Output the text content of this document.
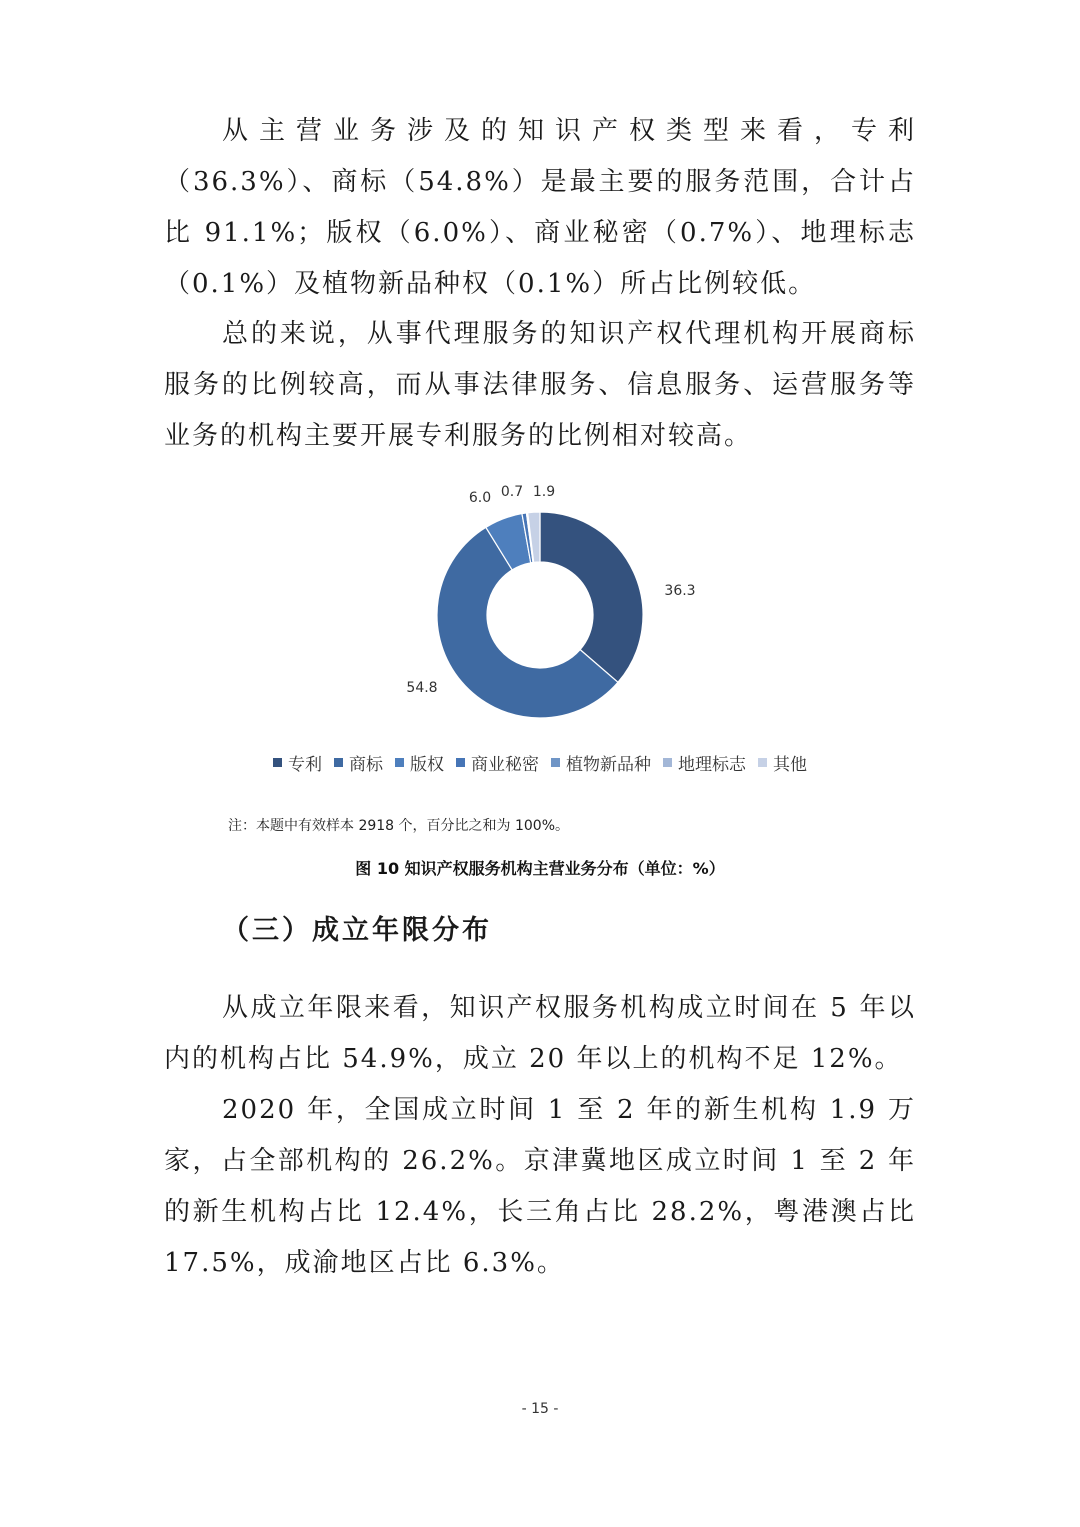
从主营业务涉及的知识产权类型来看，专利（36.3%）、商标（54.8%）是最主要的服务范围，合计占比 91.1%；版权（6.0%）、商业秘密（0.7%）、地理标志（0.1%）及植物新品种权（0.1%）所占比例较低。

总的来说，从事代理服务的知识产权代理机构开展商标服务的比例较高，而从事法律服务、信息服务、运营服务等业务的机构主要开展专利服务的比例相对较高。

36.3
54.8
6.0 0.7 1.9
专利 商标 版权 商业秘密 植物新品种 地理标志 其他
注：本题中有效样本 2918 个，百分比之和为 100%。
图 10 知识产权服务机构主营业务分布（单位：%）
（三）成立年限分布

从成立年限来看，知识产权服务机构成立时间在 5 年以内的机构占比 54.9%，成立 20 年以上的机构不足 12%。

2020 年，全国成立时间 1 至 2 年的新生机构 1.9 万家，占全部机构的 26.2%。京津冀地区成立时间 1 至 2 年的新生机构占比 12.4%，长三角占比 28.2%，粤港澳占比 17.5%，成渝地区占比 6.3%。

- 15 -
